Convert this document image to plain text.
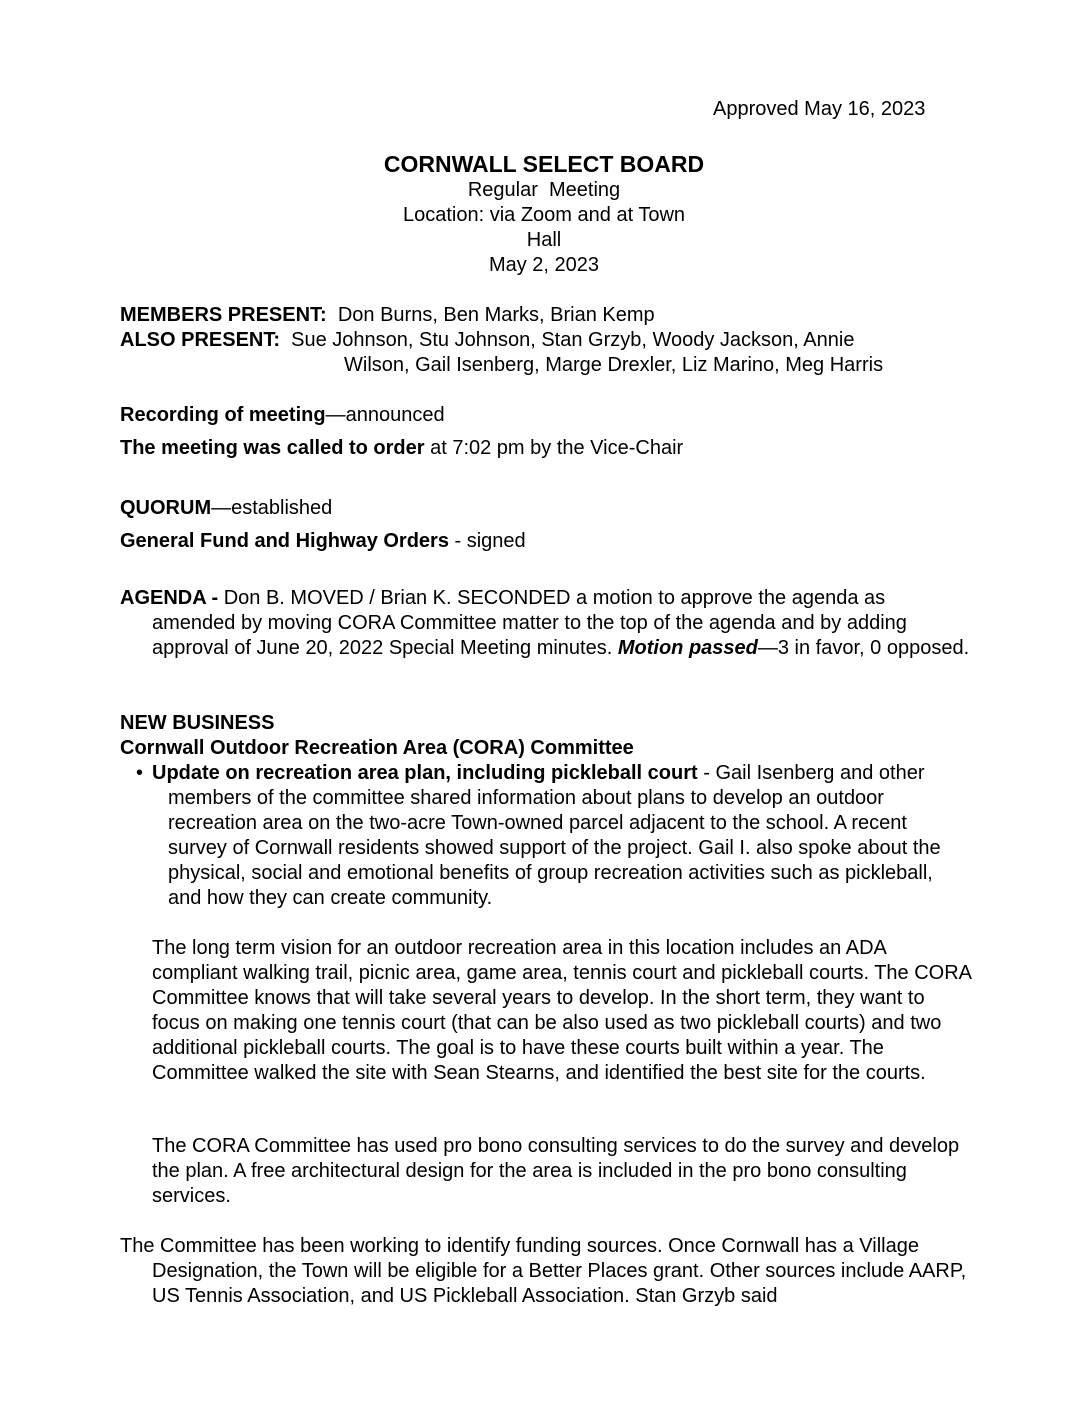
Approved May 16, 2023
CORNWALL SELECT BOARD
Regular  Meeting
Location: via Zoom and at Town
Hall
May 2, 2023
MEMBERS PRESENT: Don Burns, Ben Marks, Brian Kemp
ALSO PRESENT: Sue Johnson, Stu Johnson, Stan Grzyb, Woody Jackson, Annie
Wilson, Gail Isenberg, Marge Drexler, Liz Marino, Meg Harris
Recording of meeting—announced
The meeting was called to order at 7:02 pm by the Vice-Chair
QUORUM—established
General Fund and Highway Orders - signed
AGENDA - Don B. MOVED / Brian K. SECONDED a motion to approve the agenda as amended by moving CORA Committee matter to the top of the agenda and by adding approval of June 20, 2022 Special Meeting minutes. Motion passed—3 in favor, 0 opposed.
NEW BUSINESS
Cornwall Outdoor Recreation Area (CORA) Committee
• Update on recreation area plan, including pickleball court - Gail Isenberg and other members of the committee shared information about plans to develop an outdoor recreation area on the two-acre Town-owned parcel adjacent to the school. A recent survey of Cornwall residents showed support of the project. Gail I. also spoke about the physical, social and emotional benefits of group recreation activities such as pickleball, and how they can create community.
The long term vision for an outdoor recreation area in this location includes an ADA compliant walking trail, picnic area, game area, tennis court and pickleball courts. The CORA Committee knows that will take several years to develop. In the short term, they want to focus on making one tennis court (that can be also used as two pickleball courts) and two additional pickleball courts. The goal is to have these courts built within a year. The Committee walked the site with Sean Stearns, and identified the best site for the courts.
The CORA Committee has used pro bono consulting services to do the survey and develop the plan. A free architectural design for the area is included in the pro bono consulting services.
The Committee has been working to identify funding sources. Once Cornwall has a Village Designation, the Town will be eligible for a Better Places grant. Other sources include AARP, US Tennis Association, and US Pickleball Association. Stan Grzyb said
